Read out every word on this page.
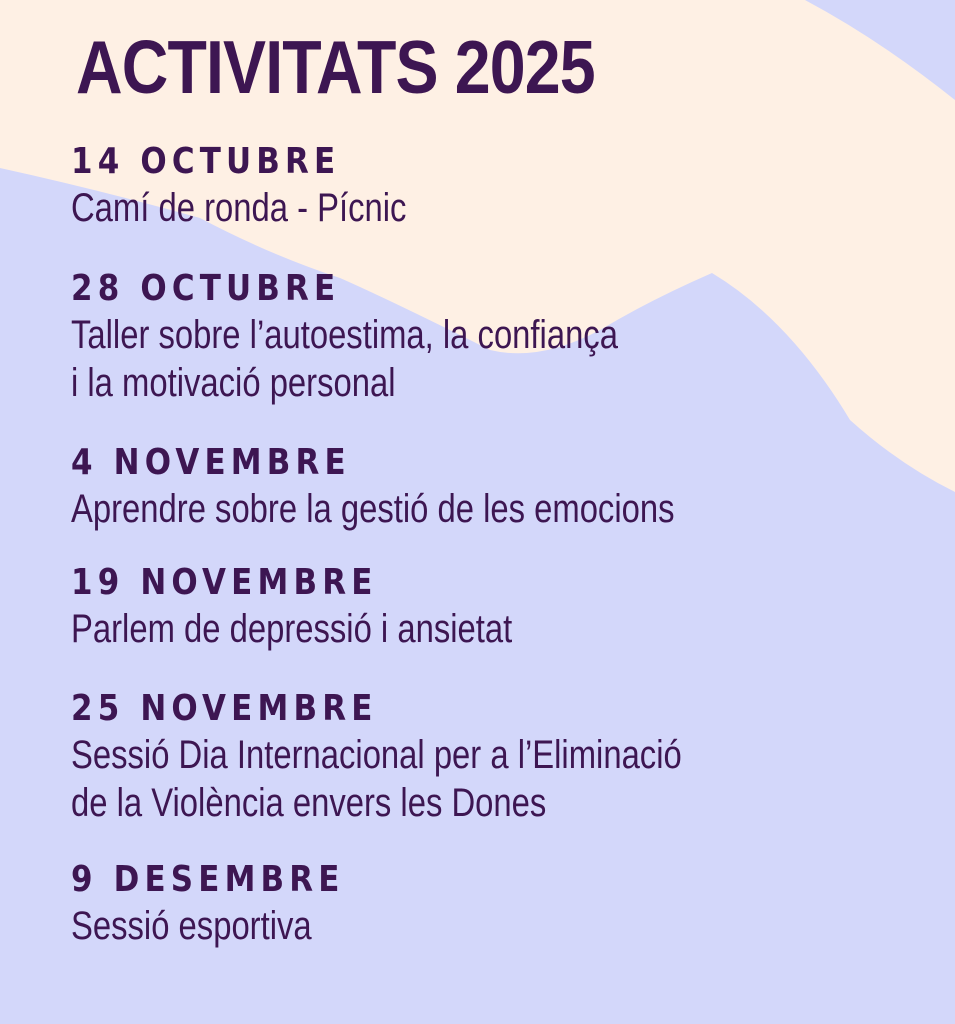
ACTIVITATS 2025
14 OCTUBRE
Camí de ronda - Pícnic
28 OCTUBRE
Taller sobre l’autoestima, la confiança
i la motivació personal
4 NOVEMBRE
Aprendre sobre la gestió de les emocions
19 NOVEMBRE
Parlem de depressió i ansietat
25 NOVEMBRE
Sessió Dia Internacional per a l’Eliminació
de la Violència envers les Dones
9 DESEMBRE
Sessió esportiva
